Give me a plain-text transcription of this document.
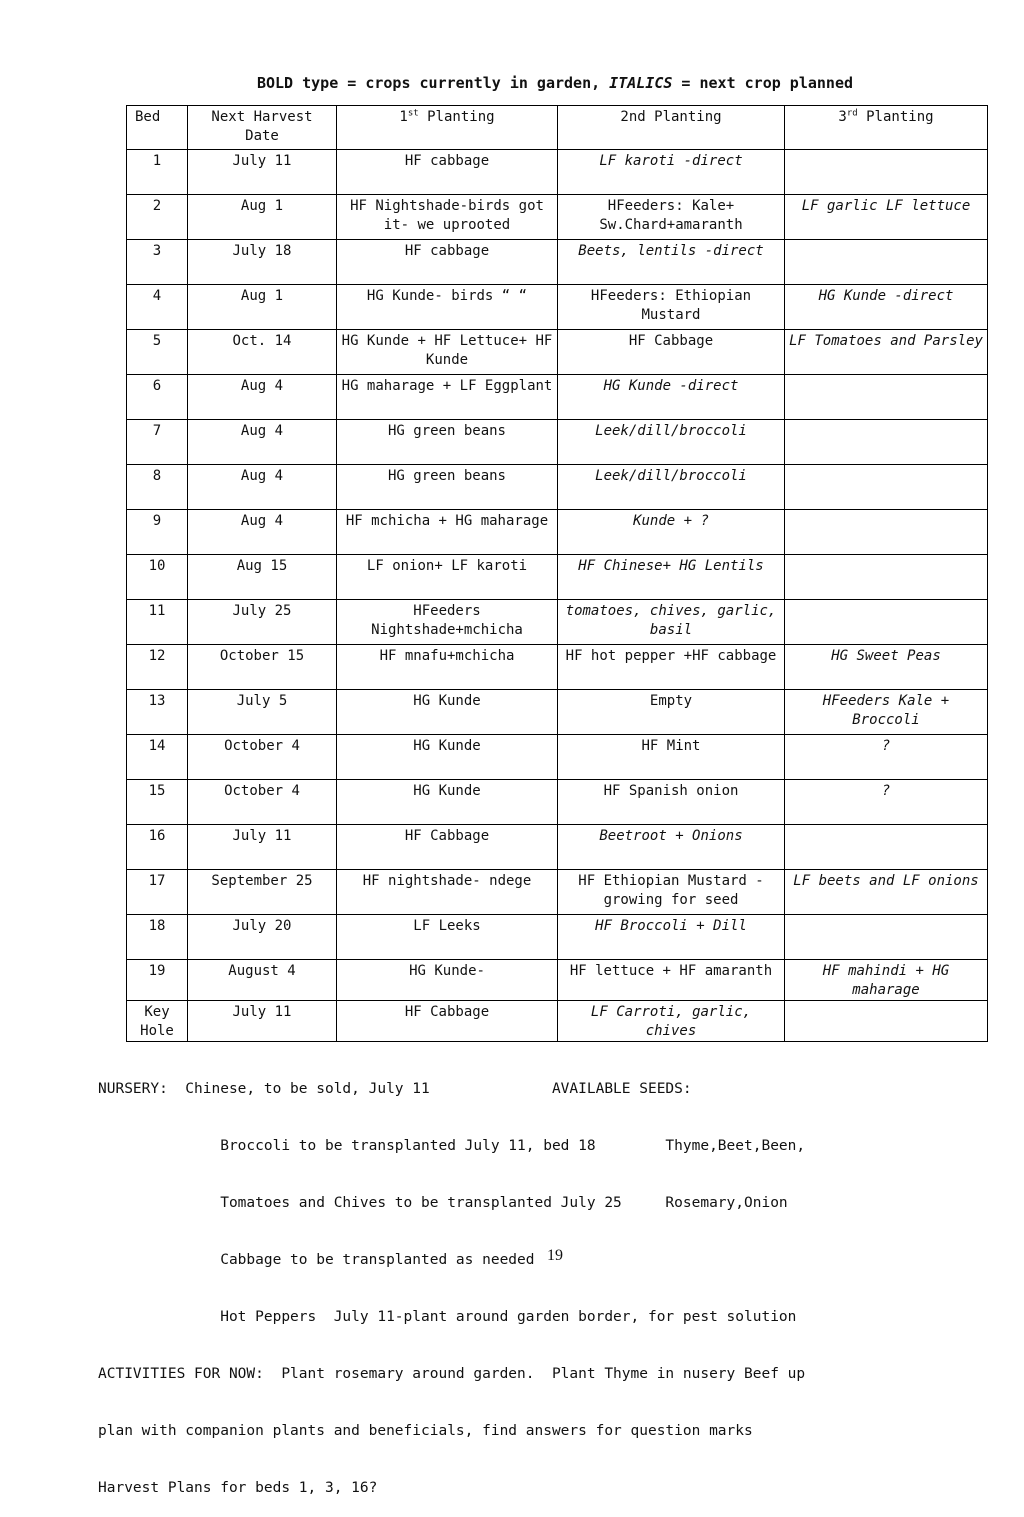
BOLD type = crops currently in garden, ITALICS = next crop planned
Bed	Next Harvest Date	1st Planting	2nd Planting	3rd Planting
1	July 11	HF cabbage	LF karoti -direct	
2	Aug 1	HF Nightshade-birds got it- we uprooted	HFeeders: Kale+ Sw.Chard+amaranth	LF garlic LF lettuce
3	July 18	HF cabbage	Beets, lentils -direct	
4	Aug 1	HG Kunde- birds “ “	HFeeders: Ethiopian Mustard	HG Kunde -direct
5	Oct. 14	HG Kunde + HF Lettuce+ HF Kunde	HF Cabbage	LF Tomatoes and Parsley
6	Aug 4	HG maharage + LF Eggplant	HG Kunde -direct	
7	Aug 4	HG green beans	Leek/dill/broccoli	
8	Aug 4	HG green beans	Leek/dill/broccoli	
9	Aug 4	HF mchicha + HG maharage	Kunde + ?	
10	Aug 15	LF onion+ LF karoti	HF Chinese+ HG Lentils	
11	July 25	HFeeders Nightshade+mchicha	tomatoes, chives, garlic, basil	
12	October 15	HF mnafu+mchicha	HF hot pepper +HF cabbage	HG Sweet Peas
13	July 5	HG Kunde	Empty	HFeeders Kale + Broccoli
14	October 4	HG Kunde	HF Mint	?
15	October 4	HG Kunde	HF Spanish onion	?
16	July 11	HF Cabbage	Beetroot + Onions	
17	September 25	HF nightshade- ndege	HF Ethiopian Mustard -growing for seed	LF beets and LF onions
18	July 20	LF Leeks	HF Broccoli + Dill	
19	August 4	HG Kunde-	HF lettuce + HF amaranth	HF mahindi + HG maharage
Key Hole	July 11	HF Cabbage	LF Carroti, garlic, chives	

NURSERY:  Chinese, to be sold, July 11              AVAILABLE SEEDS:

Broccoli to be transplanted July 11, bed 18        Thyme,Beet,Been,

Tomatoes and Chives to be transplanted July 25     Rosemary,Onion

Cabbage to be transplanted as needed

Hot Peppers  July 11-plant around garden border, for pest solution

ACTIVITIES FOR NOW:  Plant rosemary around garden.  Plant Thyme in nusery Beef up

plan with companion plants and beneficials, find answers for question marks

Harvest Plans for beds 1, 3, 16?

19
